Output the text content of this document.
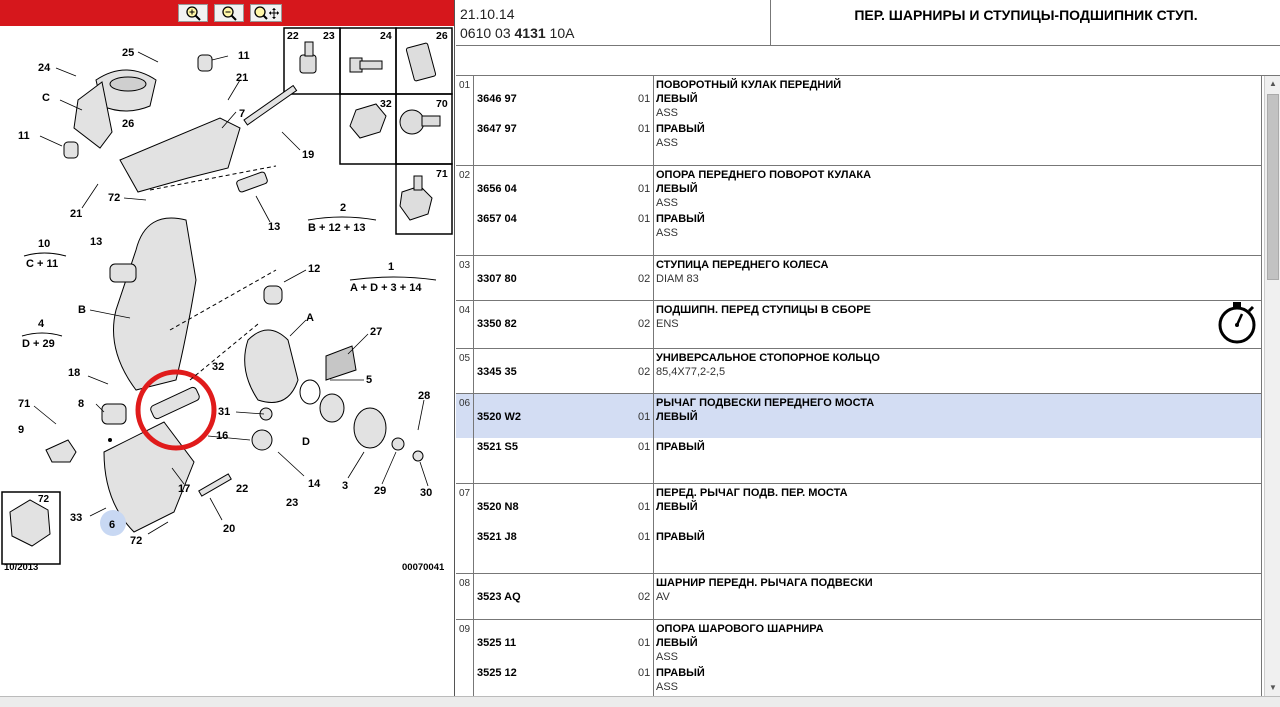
22 23	24	26
32	70
71
25
24
11
C
21
7
26
11
19
72
21
13
2
B + 12 + 13
10
C + 11
13
12	1
A + D + 3 + 14
B
A
4
D + 29
32
27
18
5
8
71
28
9
31
16	D
17	22	14 3 29	30
33
6
72
20
23
72
10/2013	00070041
21.10.14
0610 03 4131 10A
ПЕР. ШАРНИРЫ И СТУПИЦЫ-ПОДШИПНИК СТУП.
01	ПОВОРОТНЫЙ КУЛАК ПЕРЕДНИЙ
3646 97	01 ЛЕВЫЙ
ASS
3647 97	01 ПРАВЫЙ
ASS
02	ОПОРА ПЕРЕДНЕГО ПОВОРОТ КУЛАКА
3656 04	01 ЛЕВЫЙ
ASS
3657 04	01 ПРАВЫЙ
ASS
03	СТУПИЦА ПЕРЕДНЕГО КОЛЕСА
3307 80	02 DIAM 83
04	ПОДШИПН. ПЕРЕД СТУПИЦЫ В СБОРЕ
3350 82	02 ENS
05	УНИВЕРСАЛЬНОЕ СТОПОРНОЕ КОЛЬЦО
3345 35	02 85,4X77,2-2,5
06	РЫЧАГ ПОДВЕСКИ ПЕРЕДНЕГО МОСТА
3520 W2	01 ЛЕВЫЙ
3521 S5	01 ПРАВЫЙ
07	ПЕРЕД. РЫЧАГ ПОДВ. ПЕР. МОСТА
3520 N8	01 ЛЕВЫЙ
3521 J8	01 ПРАВЫЙ
08	ШАРНИР ПЕРЕДН. РЫЧАГА ПОДВЕСКИ
3523 AQ	02 AV
09	ОПОРА ШАРОВОГО ШАРНИРА
3525 11	01 ЛЕВЫЙ
ASS
3525 12	01 ПРАВЫЙ
ASS
▲
▼
